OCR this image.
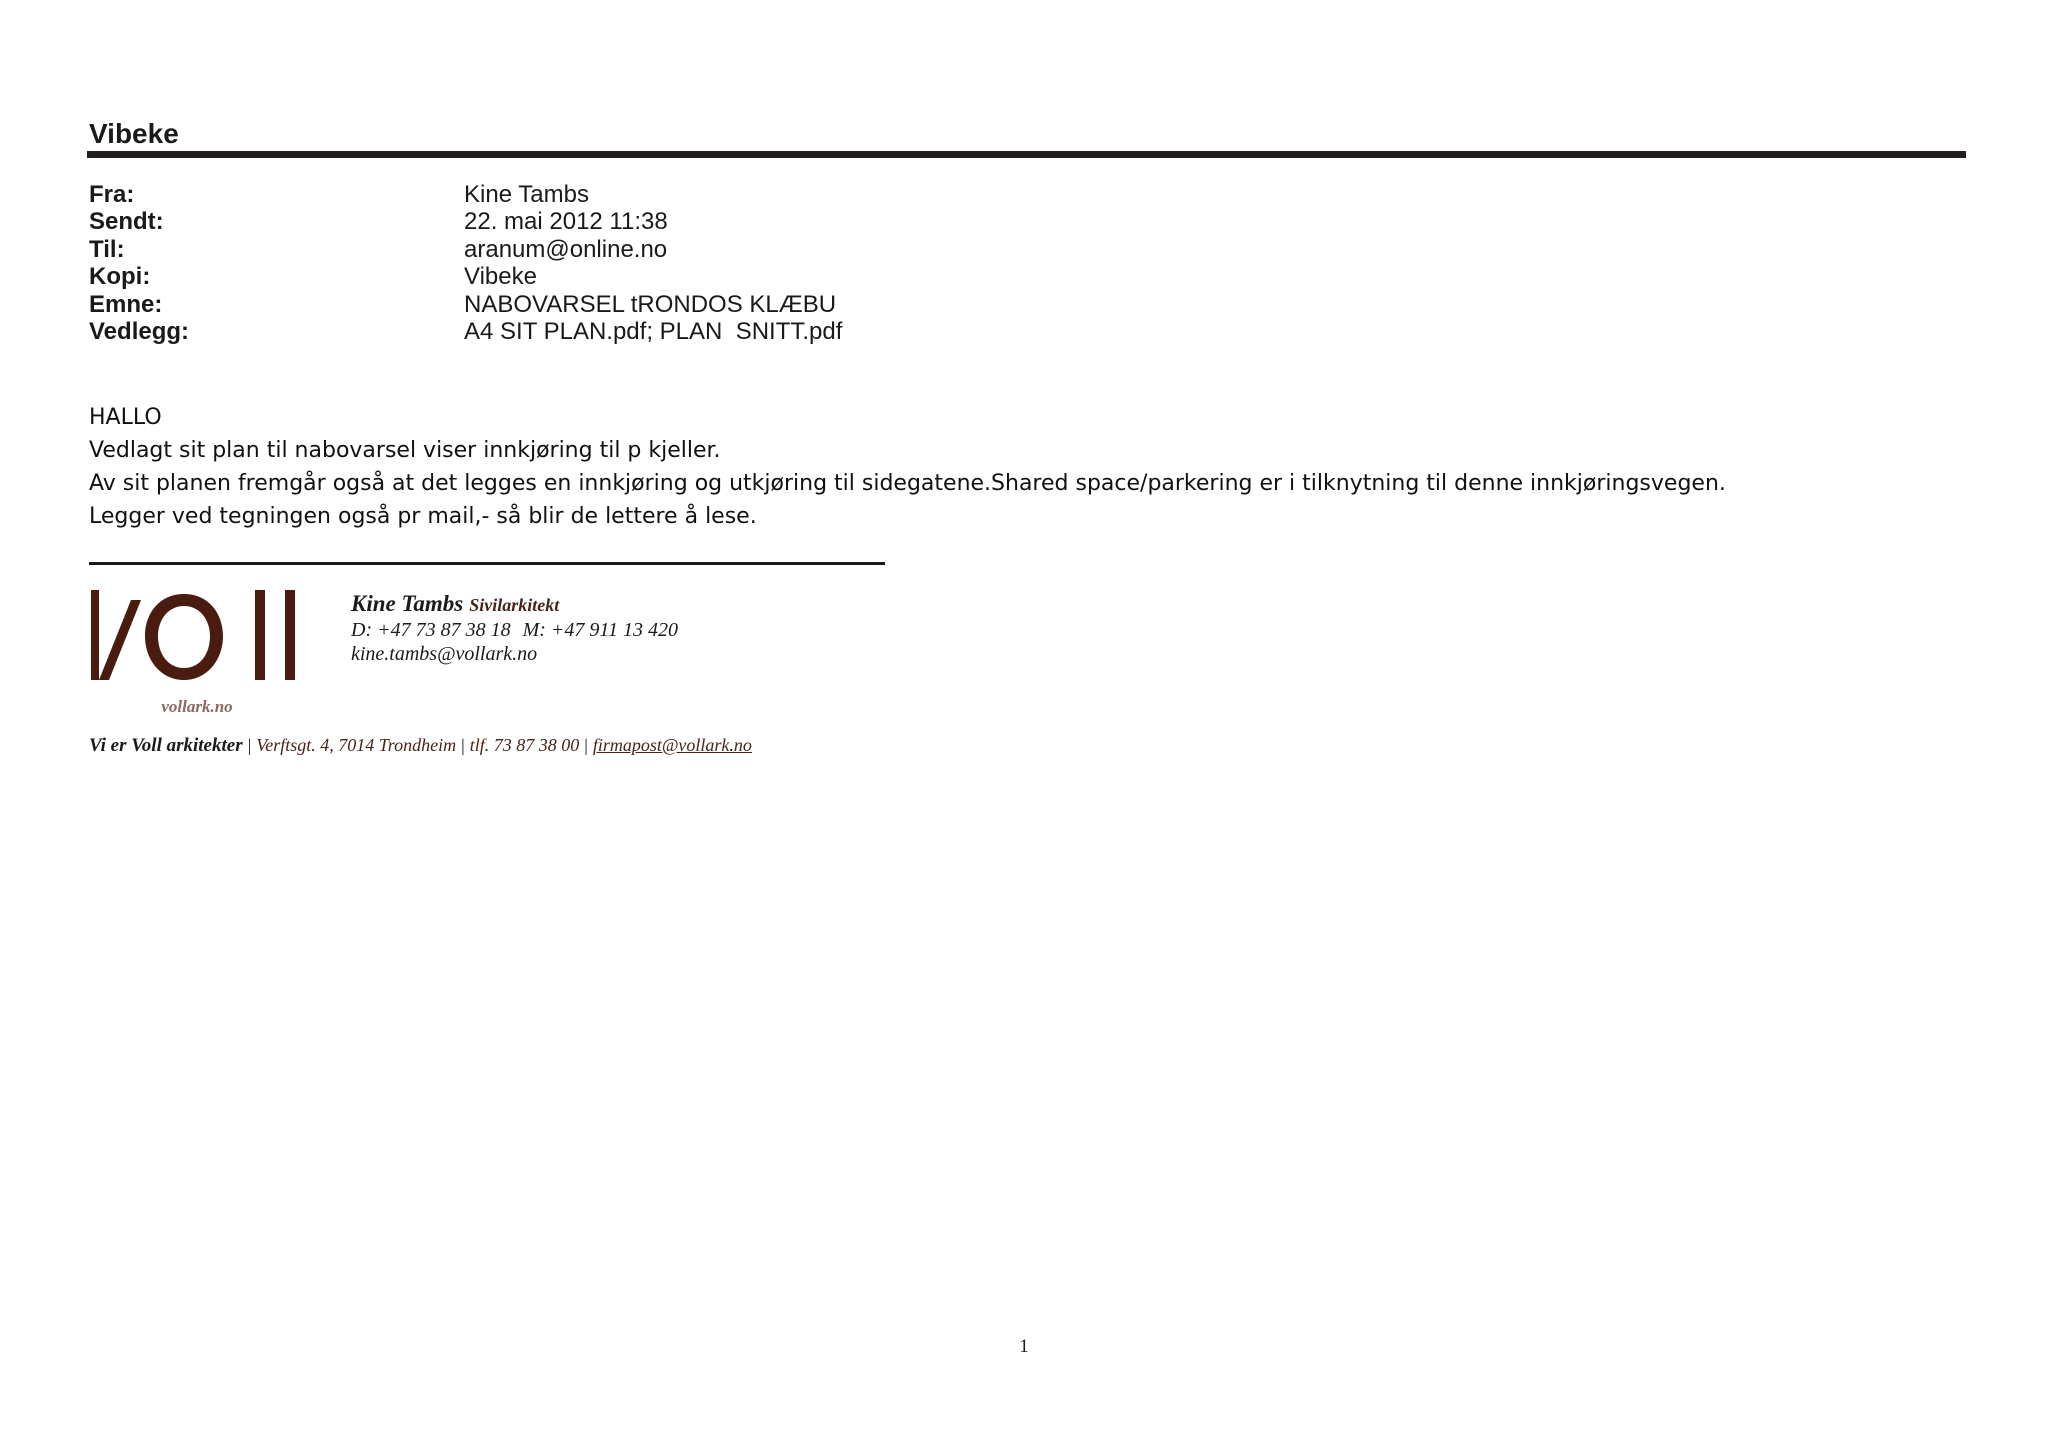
Vibeke
Fra:	Kine Tambs
Sendt:	22. mai 2012 11:38
Til:	aranum@online.no
Kopi:	Vibeke
Emne:	NABOVARSEL tRONDOS KLÆBU
Vedlegg:	A4 SIT PLAN.pdf; PLAN  SNITT.pdf
HALLO
Vedlagt sit plan til nabovarsel viser innkjøring til p kjeller.
Av sit planen fremgår også at det legges en innkjøring og utkjøring til sidegatene.Shared space/parkering er i tilknytning til denne innkjøringsvegen.
Legger ved tegningen også pr mail,- så blir de lettere å lese.
vollark.no
Kine Tambs Sivilarkitekt
D: +47 73 87 38 18 M: +47 911 13 420
kine.tambs@vollark.no
Vi er Voll arkitekter | Verftsgt. 4, 7014 Trondheim | tlf. 73 87 38 00 | firmapost@vollark.no
1
